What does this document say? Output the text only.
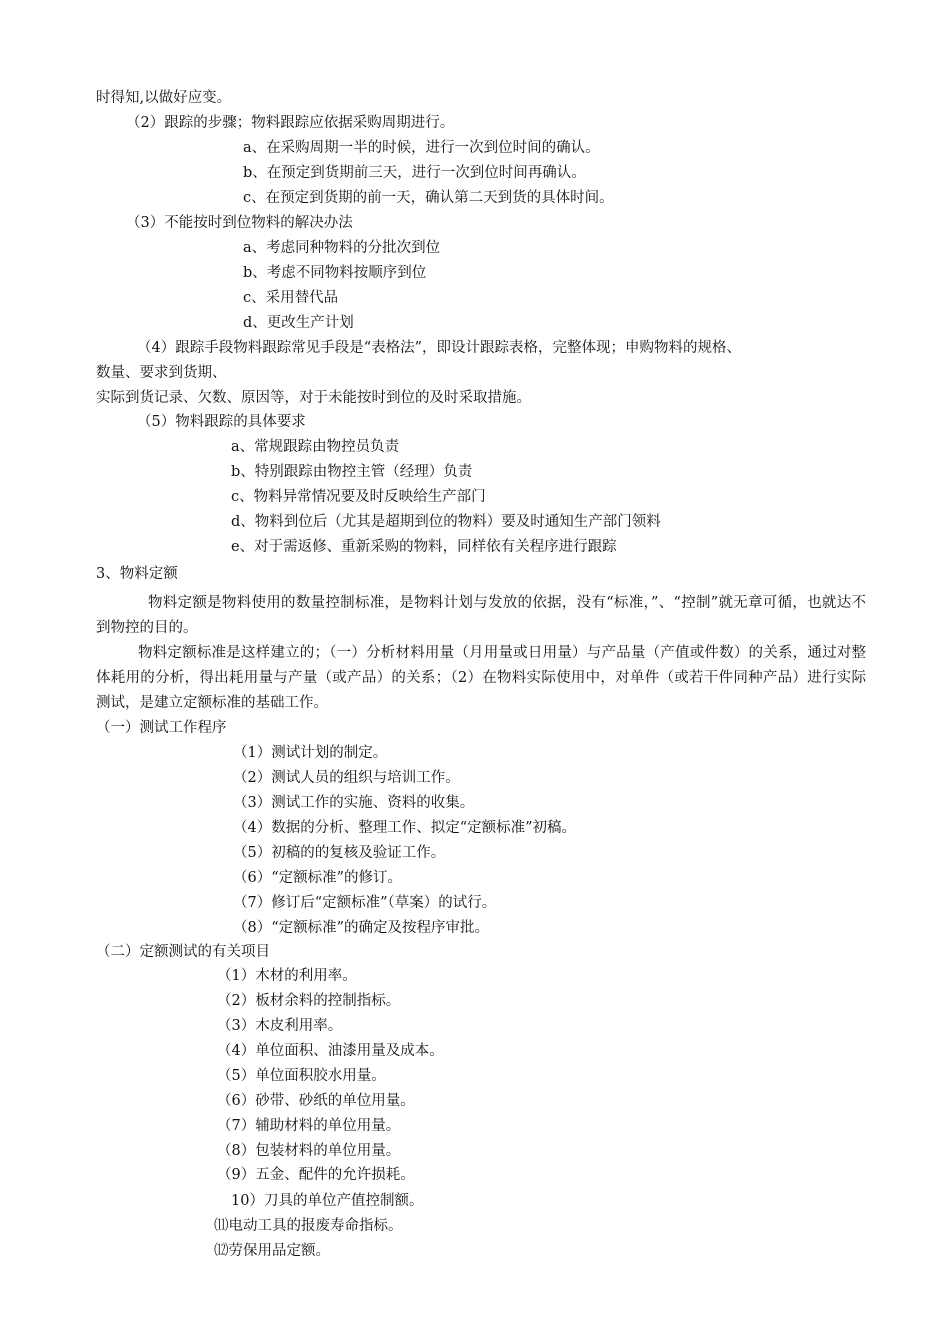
时得知,以做好应变。
（2）跟踪的步骤；物料跟踪应依据采购周期进行。
a、在采购周期一半的时候，进行一次到位时间的确认。
b、在预定到货期前三天，进行一次到位时间再确认。
c、在预定到货期的前一天，确认第二天到货的具体时间。
（3）不能按时到位物料的解决办法
a、考虑同种物料的分批次到位
b、考虑不同物料按顺序到位
c、采用替代品
d、更改生产计划
（4）跟踪手段物料跟踪常见手段是“表格法”，即设计跟踪表格，完整体现；申购物料的规格、
数量、要求到货期、
实际到货记录、欠数、原因等，对于未能按时到位的及时采取措施。
（5）物料跟踪的具体要求
a、常规跟踪由物控员负责
b、特别跟踪由物控主管（经理）负责
c、物料异常情况要及时反映给生产部门
d、物料到位后（尤其是超期到位的物料）要及时通知生产部门领料
e、对于需返修、重新采购的物料，同样依有关程序进行跟踪
3、物料定额
物料定额是物料使用的数量控制标准，是物料计划与发放的依据，没有“标准，”、“控制”就无章可循，也就达不到物控的目的。
物料定额标准是这样建立的；（一）分析材料用量（月用量或日用量）与产品量（产值或件数）的关系，通过对整体耗用的分析，得出耗用量与产量（或产品）的关系；（2）在物料实际使用中，对单件（或若干件同种产品）进行实际测试，是建立定额标准的基础工作。
（一）测试工作程序
（1）测试计划的制定。
（2）测试人员的组织与培训工作。
（3）测试工作的实施、资料的收集。
（4）数据的分析、整理工作、拟定“定额标准”初稿。
（5）初稿的的复核及验证工作。
（6）“定额标准”的修订。
（7）修订后“定额标准”（草案）的试行。
（8）“定额标准”的确定及按程序审批。
（二）定额测试的有关项目
（1）木材的利用率。
（2）板材余料的控制指标。
（3）木皮利用率。
（4）单位面积、油漆用量及成本。
（5）单位面积胶水用量。
（6）砂带、砂纸的单位用量。
（7）辅助材料的单位用量。
（8）包装材料的单位用量。
（9）五金、配件的允许损耗。
10）刀具的单位产值控制额。
⑾电动工具的报废寿命指标。
⑿劳保用品定额。
